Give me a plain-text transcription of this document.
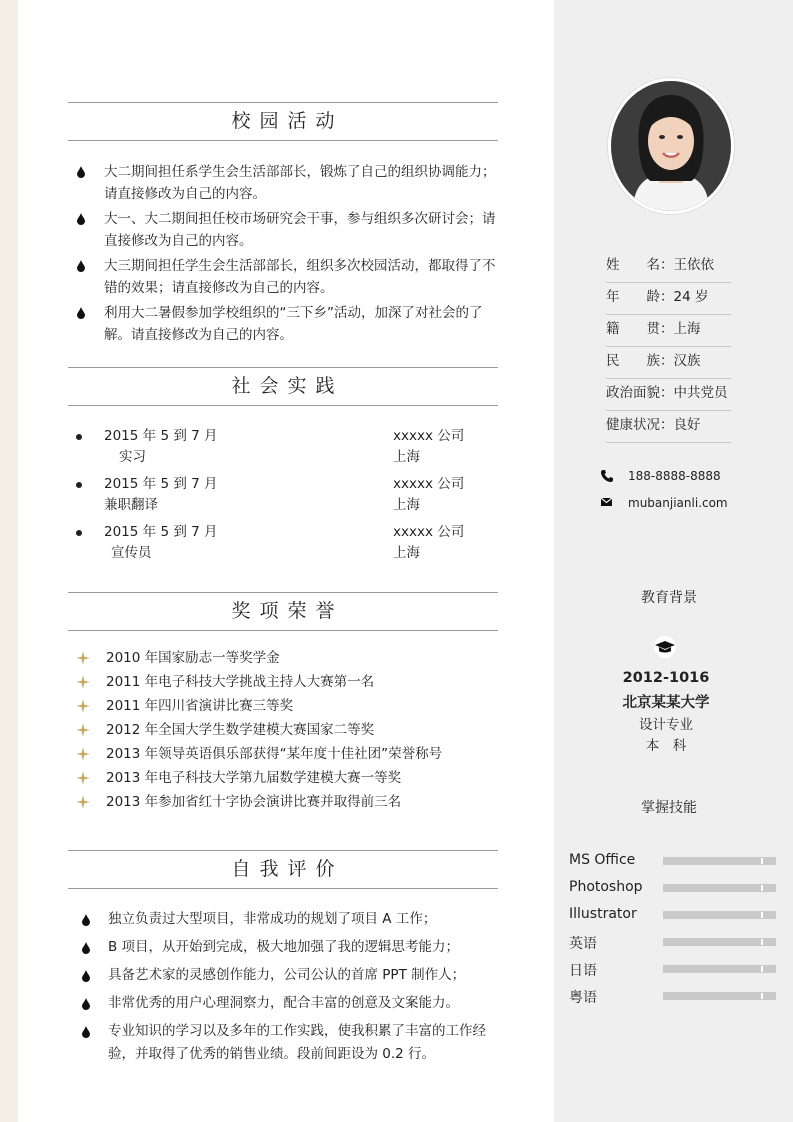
校园活动
大二期间担任系学生会生活部部长，锻炼了自己的组织协调能力；请直接修改为自己的内容。
大一、大二期间担任校市场研究会干事，参与组织多次研讨会；请直接修改为自己的内容。
大三期间担任学生会生活部部长，组织多次校园活动，都取得了不错的效果；请直接修改为自己的内容。
利用大二暑假参加学校组织的“三下乡”活动，加深了对社会的了解。请直接修改为自己的内容。
社会实践
2015 年 5 到 7 月
实习
xxxxx 公司
上海
2015 年 5 到 7 月
兼职翻译
xxxxx 公司
上海
2015 年 5 到 7 月
宣传员
xxxxx 公司
上海
奖项荣誉
2010 年国家励志一等奖学金
2011 年电子科技大学挑战主持人大赛第一名
2011 年四川省演讲比赛三等奖
2012 年全国大学生数学建模大赛国家二等奖
2013 年领导英语俱乐部获得“某年度十佳社团”荣誉称号
2013 年电子科技大学第九届数学建模大赛一等奖
2013 年参加省红十字协会演讲比赛并取得前三名
自我评价
独立负责过大型项目，非常成功的规划了项目 A 工作；
B 项目，从开始到完成，极大地加强了我的逻辑思考能力；
具备艺术家的灵感创作能力，公司公认的首席 PPT 制作人；
非常优秀的用户心理洞察力，配合丰富的创意及文案能力。
专业知识的学习以及多年的工作实践，使我积累了丰富的工作经验，并取得了优秀的销售业绩。段前间距设为 0.2 行。
姓　　名：王依依
年　　龄：24 岁
籍　　贯：上海
民　　族：汉族
政治面貌：中共党员
健康状况：良好
188-8888-8888
mubanjianli.com
教育背景
2012-1016
北京某某大学
设计专业
本　科
掌握技能
MS Office
Photoshop
Illustrator
英语
日语
粤语
